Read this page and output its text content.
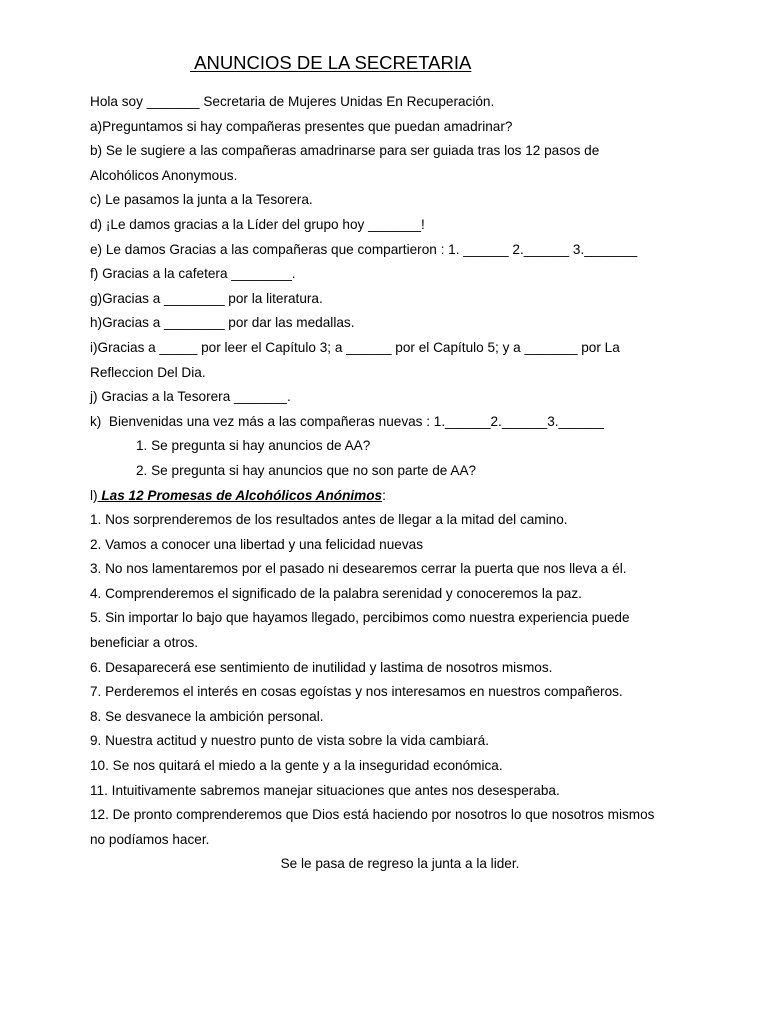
ANUNCIOS DE LA SECRETARIA
Hola soy _______ Secretaria de Mujeres Unidas En Recuperación.
a)Preguntamos si hay compañeras presentes que puedan amadrinar?
b) Se le sugiere a las compañeras amadrinarse para ser guiada tras los 12 pasos de
Alcohólicos Anonymous.
c) Le pasamos la junta a la Tesorera.
d) ¡Le damos gracias a la Líder del grupo hoy _______!
e) Le damos Gracias a las compañeras que compartieron : 1. ______ 2.______ 3._______
f) Gracias a la cafetera ________.
g)Gracias a ________ por la literatura.
h)Gracias a ________ por dar las medallas.
i)Gracias a _____ por leer el Capítulo 3; a ______ por el Capítulo 5; y a _______ por La
Refleccion Del Dia.
j) Gracias a la Tesorera _______.
k)  Bienvenidas una vez más a las compañeras nuevas : 1.______2.______3.______
1. Se pregunta si hay anuncios de AA?
2. Se pregunta si hay anuncios que no son parte de AA?
l) Las 12 Promesas de Alcohólicos Anónimos:
1. Nos sorprenderemos de los resultados antes de llegar a la mitad del camino.
2. Vamos a conocer una libertad y una felicidad nuevas
3. No nos lamentaremos por el pasado ni desearemos cerrar la puerta que nos lleva a él.
4. Comprenderemos el significado de la palabra serenidad y conoceremos la paz.
5. Sin importar lo bajo que hayamos llegado, percibimos como nuestra experiencia puede
beneficiar a otros.
6. Desaparecerá ese sentimiento de inutilidad y lastima de nosotros mismos.
7. Perderemos el interés en cosas egoístas y nos interesamos en nuestros compañeros.
8. Se desvanece la ambición personal.
9. Nuestra actitud y nuestro punto de vista sobre la vida cambiará.
10. Se nos quitará el miedo a la gente y a la inseguridad económica.
11. Intuitivamente sabremos manejar situaciones que antes nos desesperaba.
12. De pronto comprenderemos que Dios está haciendo por nosotros lo que nosotros mismos
no podíamos hacer.
Se le pasa de regreso la junta a la lider.
